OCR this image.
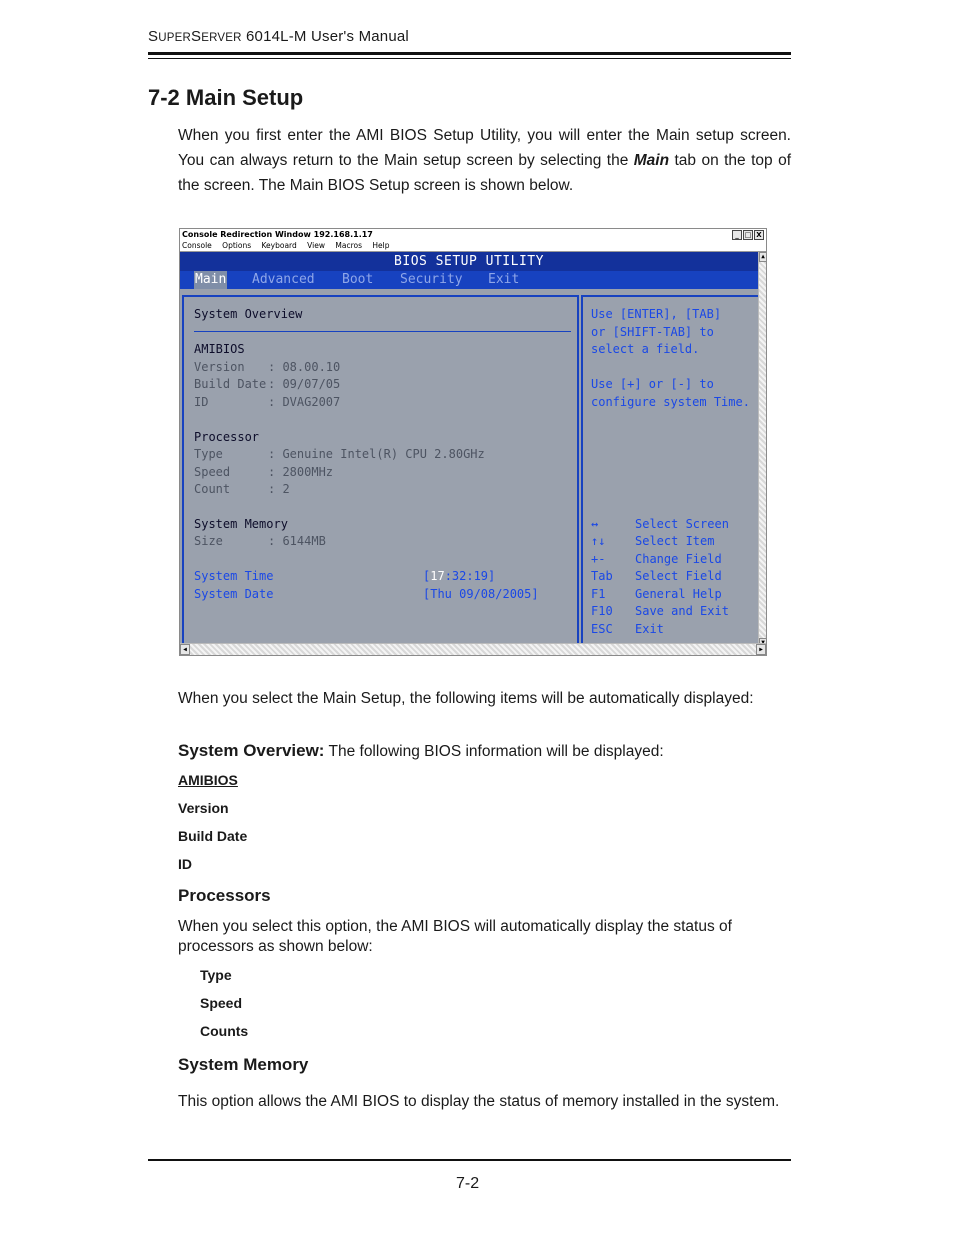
SUPERSERVER 6014L-M User's Manual
7-2 Main Setup
When you first enter the AMI BIOS Setup Utility, you will enter the Main setup screen. You can always return to the Main setup screen by selecting the Main tab on the top of the screen. The Main BIOS Setup screen is shown below.
Console Redirection Window 192.168.1.17	_ □ X
Console Options Keyboard View Macros Help
BIOS SETUP UTILITY
Main Advanced Boot Security Exit
▲
System Overview
AMIBIOS
Version : 08.00.10
Build Date : 09/07/05
ID	: DVAG2007
Processor
Type	: Genuine Intel(R) CPU 2.80GHz
Speed	: 2800MHz
Count	: 2
System Memory
Size	: 6144MB
System Time	[17:32:19]
System Date	[Thu 09/08/2005]
Use [ENTER], [TAB]
or [SHIFT-TAB] to
select a field.
Use [+] or [-] to
configure system Time.
↔	Select Screen
↑↓ Select Item
+- Change Field
Tab Select Field
F1 General Help
F10 Save and Exit
ESC Exit
◀	▶
When you select the Main Setup, the following items will be automatically displayed:
System Overview: The following BIOS information will be displayed:
AMIBIOS
Version
Build Date
ID
Processors
When you select this option, the AMI BIOS will automatically display the status of processors as shown below:
Type
Speed
Counts
System Memory
This option allows the AMI BIOS to display the status of memory installed in the system.
7-2
